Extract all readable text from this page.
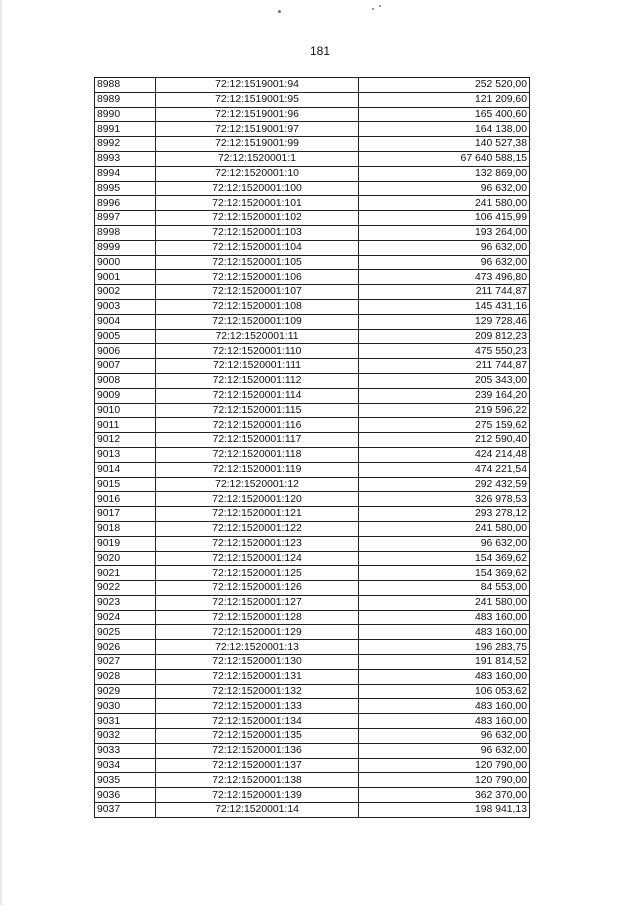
181
8988	72:12:1519001:94	252 520,00
8989	72:12:1519001:95	121 209,60
8990	72:12:1519001:96	165 400,60
8991	72:12:1519001:97	164 138,00
8992	72:12:1519001:99	140 527,38
8993	72:12:1520001:1	67 640 588,15
8994	72:12:1520001:10	132 869,00
8995	72:12:1520001:100	96 632,00
8996	72:12:1520001:101	241 580,00
8997	72:12:1520001:102	106 415,99
8998	72:12:1520001:103	193 264,00
8999	72:12:1520001:104	96 632,00
9000	72:12:1520001:105	96 632,00
9001	72:12:1520001:106	473 496,80
9002	72:12:1520001:107	211 744,87
9003	72:12:1520001:108	145 431,16
9004	72:12:1520001:109	129 728,46
9005	72:12:1520001:11	209 812,23
9006	72:12:1520001:110	475 550,23
9007	72:12:1520001:111	211 744,87
9008	72:12:1520001:112	205 343,00
9009	72:12:1520001:114	239 164,20
9010	72:12:1520001:115	219 596,22
9011	72:12:1520001:116	275 159,62
9012	72:12:1520001:117	212 590,40
9013	72:12:1520001:118	424 214,48
9014	72:12:1520001:119	474 221,54
9015	72:12:1520001:12	292 432,59
9016	72:12:1520001:120	326 978,53
9017	72:12:1520001:121	293 278,12
9018	72:12:1520001:122	241 580,00
9019	72:12:1520001:123	96 632,00
9020	72:12:1520001:124	154 369,62
9021	72:12:1520001:125	154 369,62
9022	72:12:1520001:126	84 553,00
9023	72:12:1520001:127	241 580,00
9024	72:12:1520001:128	483 160,00
9025	72:12:1520001:129	483 160,00
9026	72:12:1520001:13	196 283,75
9027	72:12:1520001:130	191 814,52
9028	72:12:1520001:131	483 160,00
9029	72:12:1520001:132	106 053,62
9030	72:12:1520001:133	483 160,00
9031	72:12:1520001:134	483 160,00
9032	72:12:1520001:135	96 632,00
9033	72:12:1520001:136	96 632,00
9034	72:12:1520001:137	120 790,00
9035	72:12:1520001:138	120 790,00
9036	72:12:1520001:139	362 370,00
9037	72:12:1520001:14	198 941,13
